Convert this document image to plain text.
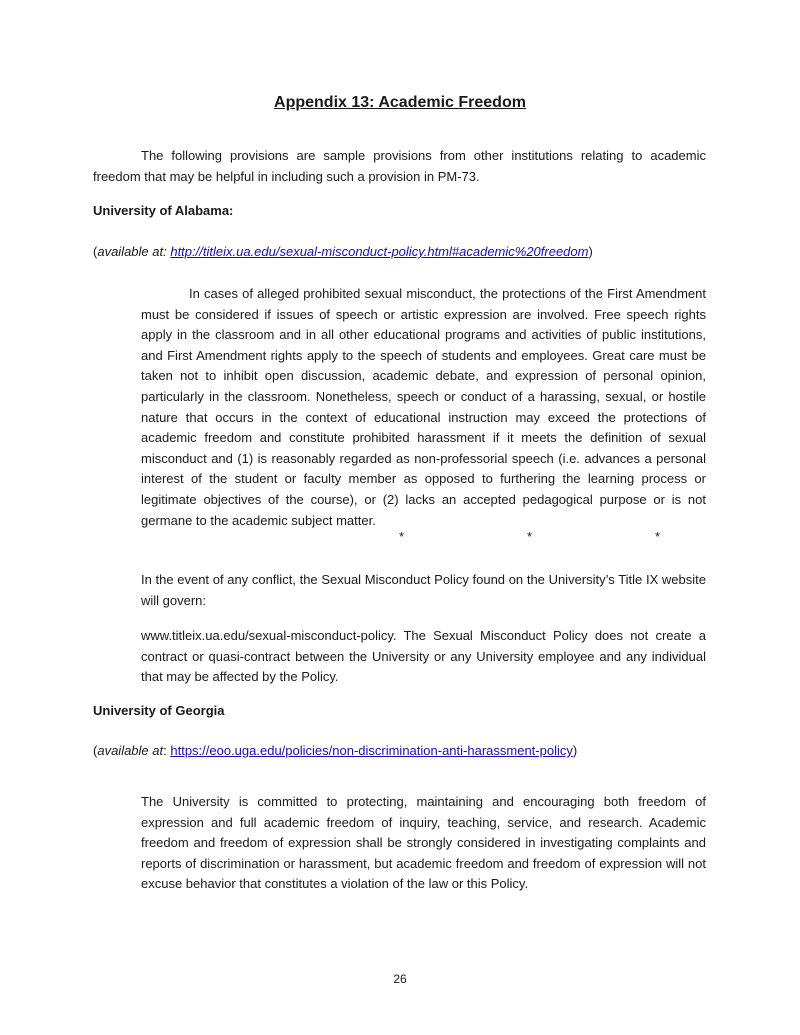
Appendix 13: Academic Freedom

The following provisions are sample provisions from other institutions relating to academic freedom that may be helpful in including such a provision in PM-73.

University of Alabama:
(available at: http://titleix.ua.edu/sexual-misconduct-policy.html#academic%20freedom)

In cases of alleged prohibited sexual misconduct, the protections of the First Amendment must be considered if issues of speech or artistic expression are involved. Free speech rights apply in the classroom and in all other educational programs and activities of public institutions, and First Amendment rights apply to the speech of students and employees. Great care must be taken not to inhibit open discussion, academic debate, and expression of personal opinion, particularly in the classroom. Nonetheless, speech or conduct of a harassing, sexual, or hostile nature that occurs in the context of educational instruction may exceed the protections of academic freedom and constitute prohibited harassment if it meets the definition of sexual misconduct and (1) is reasonably regarded as non-professorial speech (i.e. advances a personal interest of the student or faculty member as opposed to furthering the learning process or legitimate objectives of the course), or (2) lacks an accepted pedagogical purpose or is not germane to the academic subject matter.

*	*	*

In the event of any conflict, the Sexual Misconduct Policy found on the University’s Title IX website will govern:

www.titleix.ua.edu/sexual-misconduct-policy. The Sexual Misconduct Policy does not create a contract or quasi-contract between the University or any University employee and any individual that may be affected by the Policy.

University of Georgia
(available at: https://eoo.uga.edu/policies/non-discrimination-anti-harassment-policy)

The University is committed to protecting, maintaining and encouraging both freedom of expression and full academic freedom of inquiry, teaching, service, and research. Academic freedom and freedom of expression shall be strongly considered in investigating complaints and reports of discrimination or harassment, but academic freedom and freedom of expression will not excuse behavior that constitutes a violation of the law or this Policy.

26
